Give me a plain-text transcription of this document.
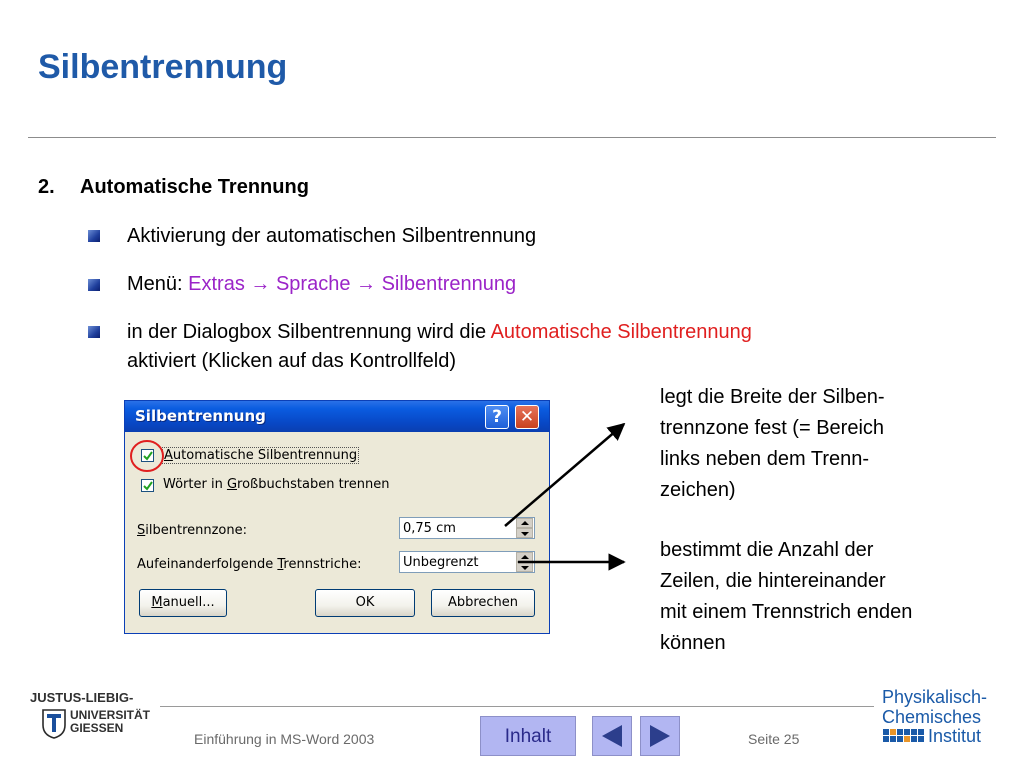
Silbentrennung
2. Automatische Trennung
Aktivierung der automatischen Silbentrennung
Menü: Extras → Sprache → Silbentrennung
in der Dialogbox Silbentrennung wird die Automatische Silbentrennung
aktiviert (Klicken auf das Kontrollfeld)
Silbentrennung	?	✕
Automatische Silbentrennung
Wörter in Großbuchstaben trennen
Silbentrennzone:	0,75 cm
Aufeinanderfolgende Trennstriche:	Unbegrenzt
Manuell...	OK	Abbrechen
legt die Breite der Silben-
trennzone fest (= Bereich
links neben dem Trenn-
zeichen)
bestimmt die Anzahl der
Zeilen, die hintereinander
mit einem Trennstrich enden
können
JUSTUS-LIEBIG-
UNIVERSITÄT
GIESSEN
Einführung in MS-Word 2003	Inhalt	Seite 25
Physikalisch-
Chemisches
Institut
